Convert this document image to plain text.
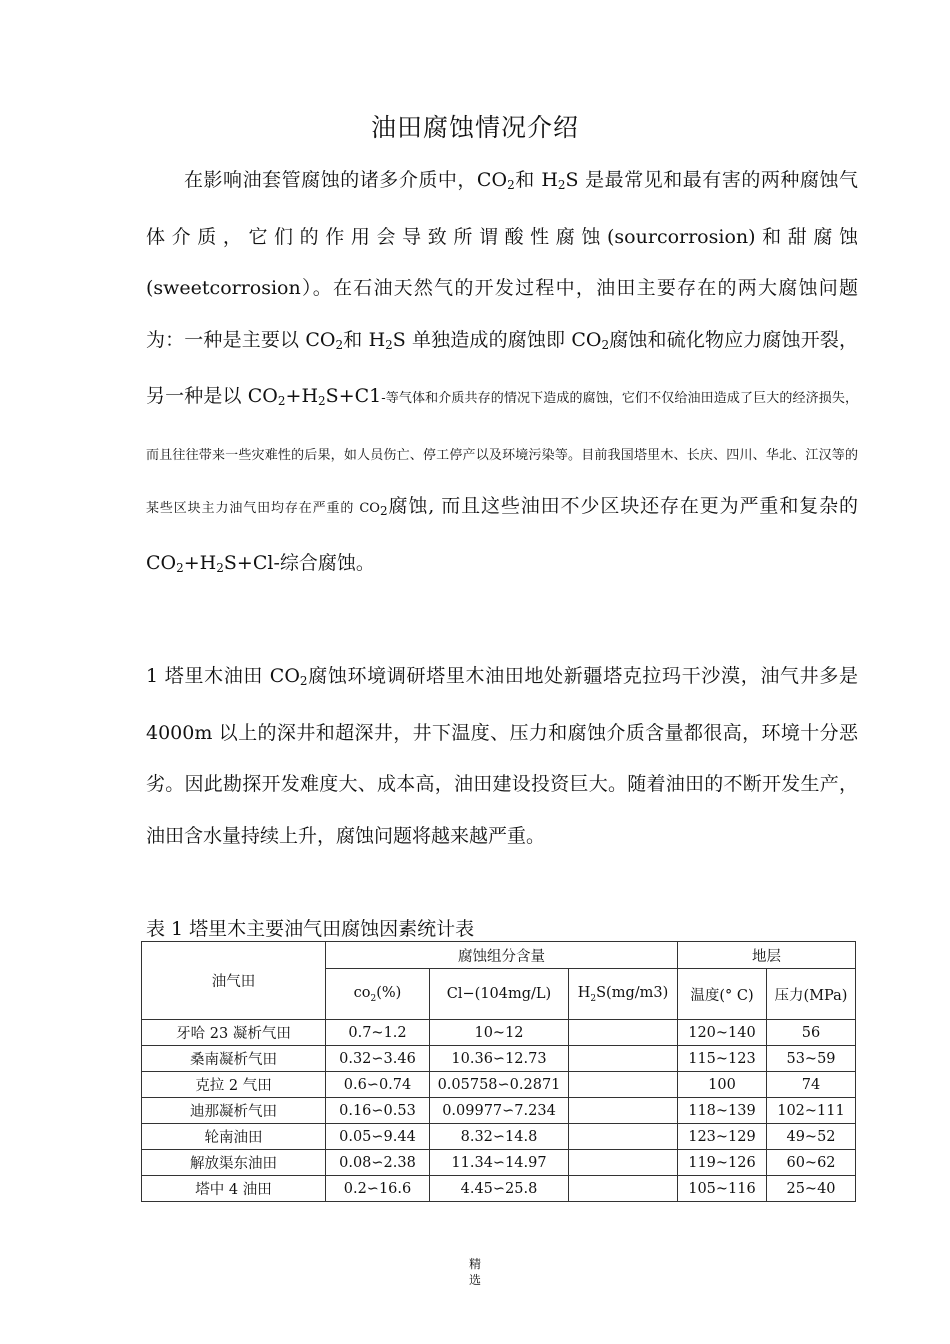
油田腐蚀情况介绍

在影响油套管腐蚀的诸多介质中，$CO_2$和 $H_2S$ 是最常见和最有害的两种腐蚀气体介质，它们的作用会导致所谓酸性腐蚀(sourcorrosion)和甜腐蚀(sweetcorrosion）。在石油天然气的开发过程中，油田主要存在的两大腐蚀问题为：一种是主要以 $CO_2$和 $H_2S$ 单独造成的腐蚀即 $CO_2$腐蚀和硫化物应力腐蚀开裂，另一种是以 $CO_2+H_2S+C1-$等气体和介质共存的情况下造成的腐蚀，它们不仅给油田造成了巨大的经济损失，而且往往带来一些灾难性的后果，如人员伤亡、停工停产以及环境污染等。目前我国塔里木、长庆、四川、华北、江汉等的某些区块主力油气田均存在严重的 $CO_2$腐蚀, 而且这些油田不少区块还存在更为严重和复杂的 $CO_2+H_2S+Cl-$综合腐蚀。

1 塔里木油田 $CO_2$腐蚀环境调研塔里木油田地处新疆塔克拉玛干沙漠，油气井多是 4000m 以上的深井和超深井，井下温度、压力和腐蚀介质含量都很高，环境十分恶劣。因此勘探开发难度大、成本高，油田建设投资巨大。随着油田的不断开发生产，油田含水量持续上升，腐蚀问题将越来越严重。

表 1 塔里木主要油气田腐蚀因素统计表
油气田	腐蚀组分含量			地层	
	$co_2(\%)$	Cl−(104mg/L)	$H_2S(mg/m3)$	温度(° C)	压力(MPa)
牙哈 23 凝析气田	0.7~1.2	10~12		120~140	56
桑南凝析气田	0.32∽3.46	10.36∽12.73		115~123	53~59
克拉 2 气田	0.6∽0.74	0.05758∽0.2871		100	74
迪那凝析气田	0.16∽0.53	0.09977∽7.234		118~139	102~111
轮南油田	0.05∽9.44	8.32∽14.8		123~129	49~52
解放渠东油田	0.08∽2.38	11.34∽14.97		119~126	60~62
塔中 4 油田	0.2∽16.6	4.45∽25.8		105~116	25~40
精
选
